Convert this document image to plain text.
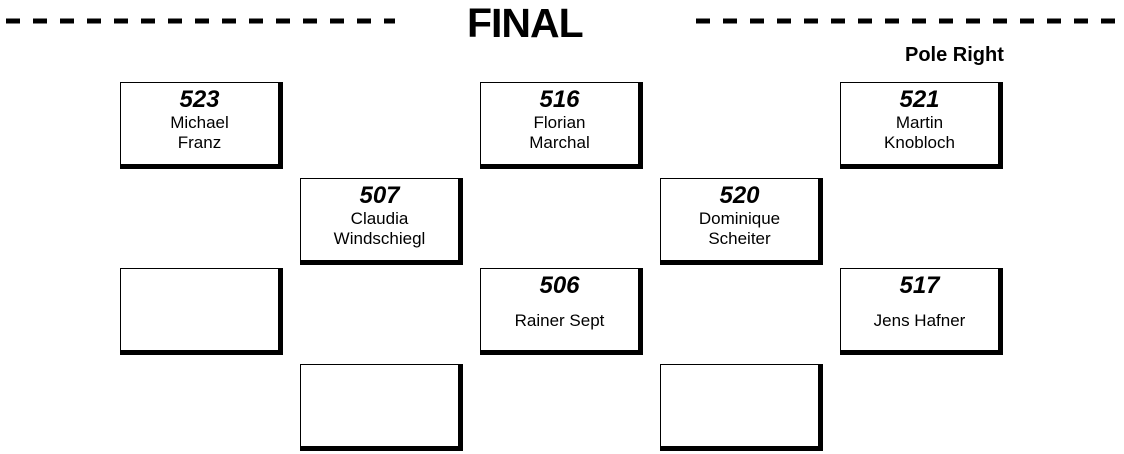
FINAL
Pole Right
523
Michael
Franz
516
Florian
Marchal
521
Martin
Knobloch
507
Claudia
Windschiegl
520
Dominique
Scheiter
506
Rainer Sept
517
Jens Hafner
